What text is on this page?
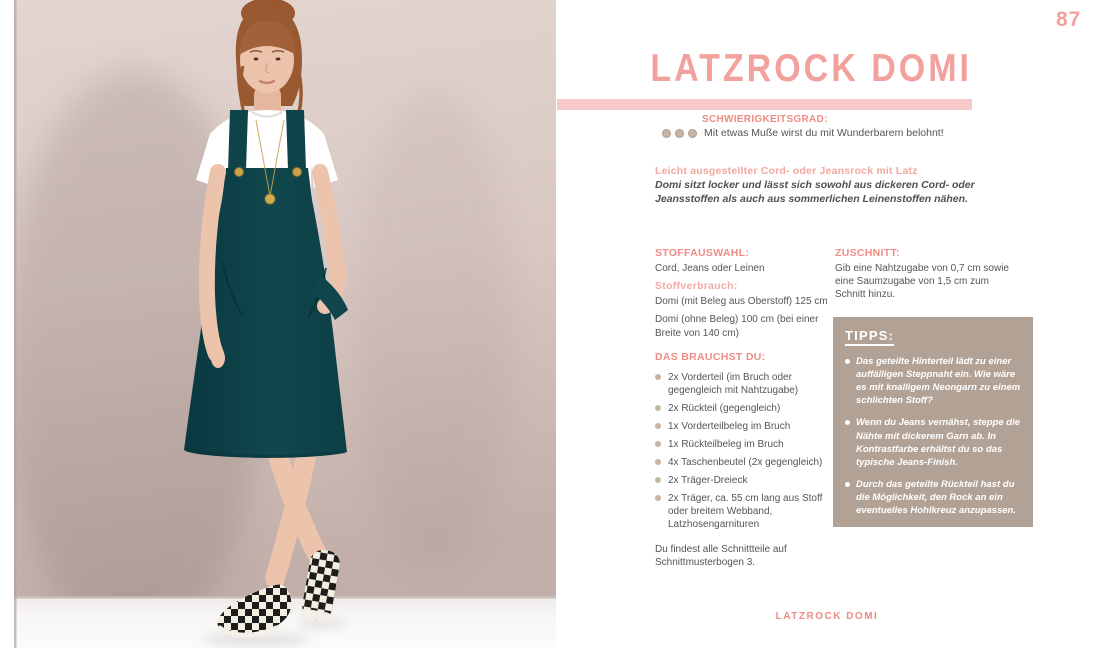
87
LATZROCK DOMI
SCHWIERIGKEITSGRAD:
Mit etwas Muße wirst du mit Wunderbarem belohnt!
Leicht ausgestellter Cord- oder Jeansrock mit Latz
Domi sitzt locker und lässt sich sowohl aus dickeren Cord- oder Jeansstoffen als auch aus sommerlichen Leinenstoffen nähen.

STOFFAUSWAHL:

Cord, Jeans oder Leinen

Stoffverbrauch:

Domi (mit Beleg aus Oberstoff) 125 cm

Domi (ohne Beleg) 100 cm (bei einer Breite von 140 cm)

DAS BRAUCHST DU:

2x Vorderteil (im Bruch oder gegengleich mit Nahtzugabe)
2x Rückteil (gegengleich)
1x Vorderteilbeleg im Bruch
1x Rückteilbeleg im Bruch
4x Taschenbeutel (2x gegengleich)
2x Träger-Dreieck
2x Träger, ca. 55 cm lang aus Stoff oder breitem Webband, Latzhosengarnituren

Du findest alle Schnittteile auf Schnittmusterbogen 3.

ZUSCHNITT:

Gib eine Nahtzugabe von 0,7 cm sowie eine Saumzugabe von 1,5 cm zum Schnitt hinzu.

TIPPS:

Das geteilte Hinterteil lädt zu einer auffälligen Steppnaht ein. Wie wäre es mit knalligem Neongarn zu einem schlichten Stoff?
Wenn du Jeans vernähst, steppe die Nähte mit dickerem Garn ab. In Kontrastfarbe erhältst du so das typische Jeans-Finish.
Durch das geteilte Rückteil hast du die Möglichkeit, den Rock an ein eventuelles Hohlkreuz anzupassen.
LATZROCK DOMI
